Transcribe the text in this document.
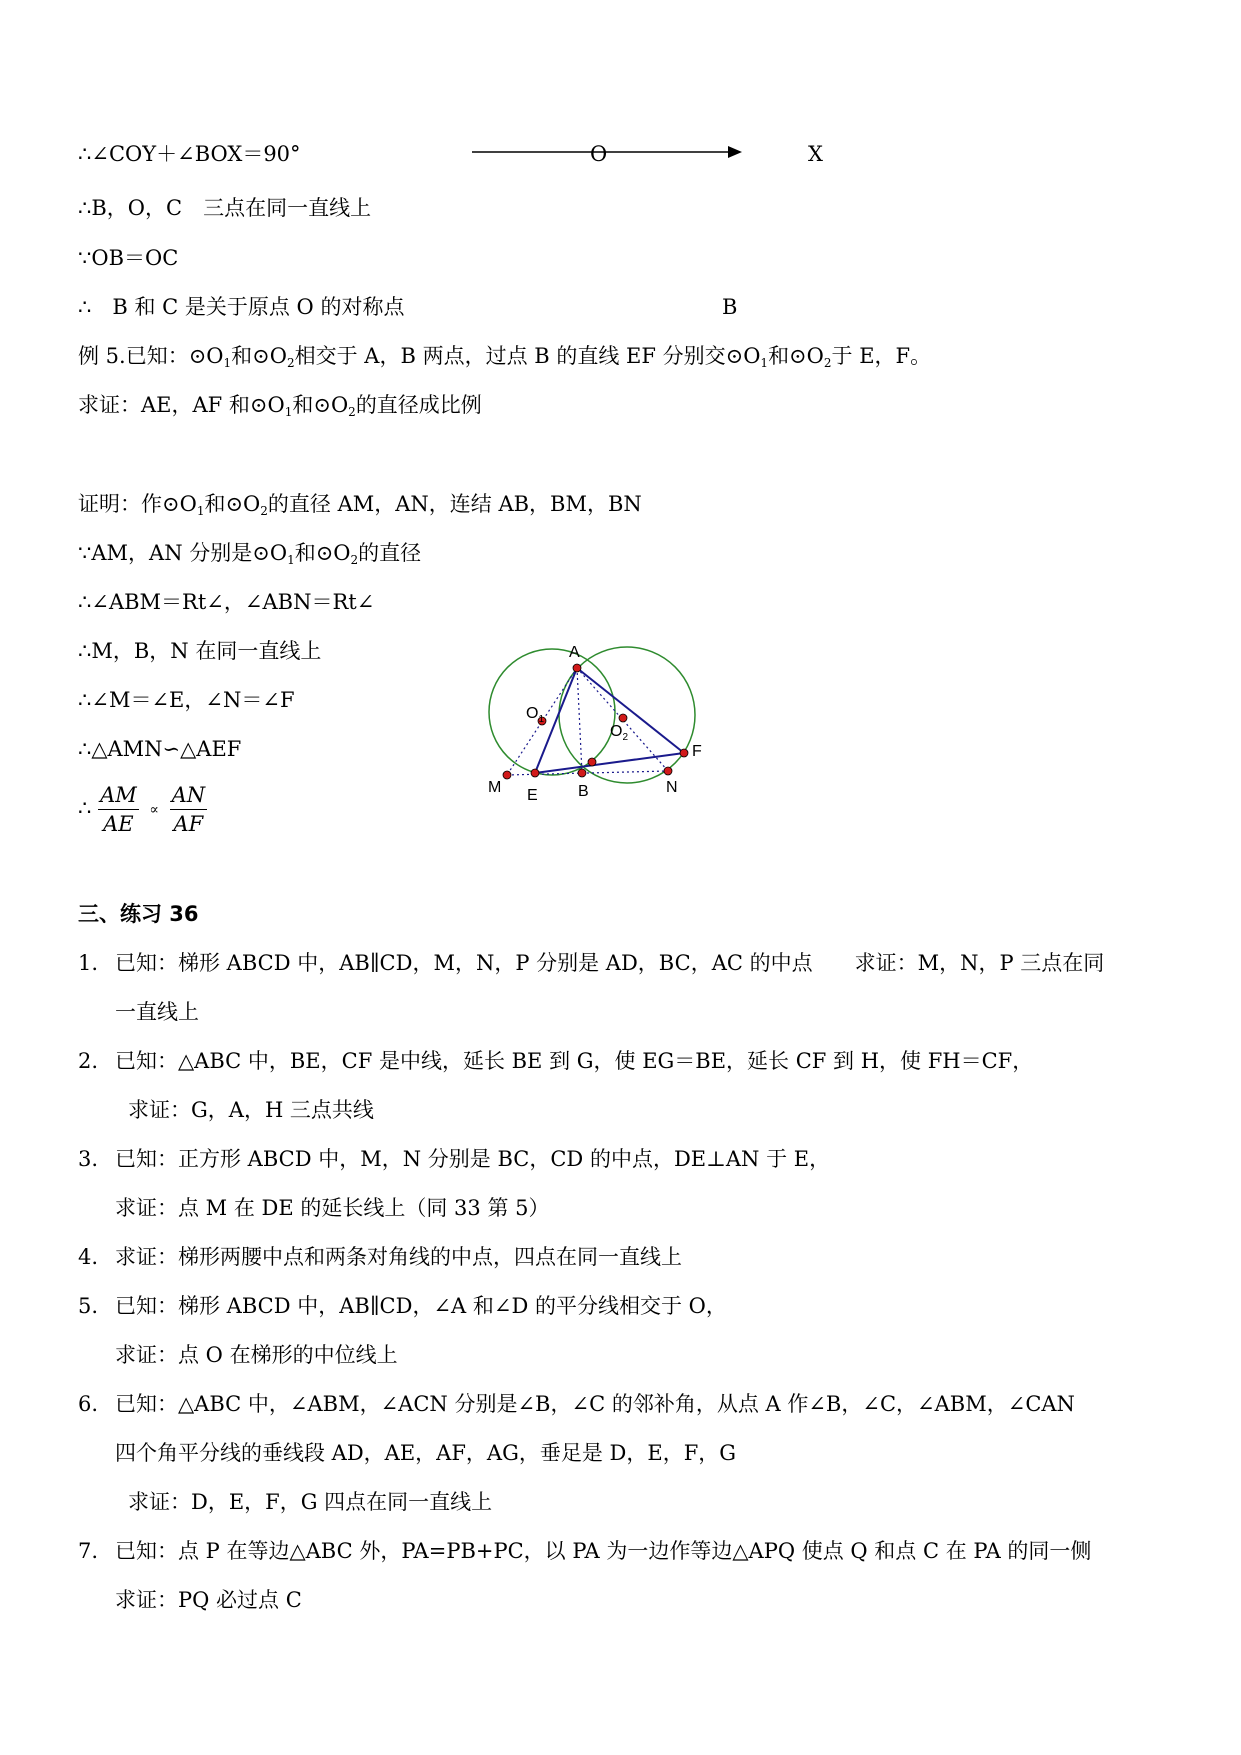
∴∠COY＋∠BOX＝90°	O	X
∴B，O，C　三点在同一直线上
∵OB＝OC
∴　B 和 C 是关于原点 O 的对称点	B
例 5.已知：$⊙O_1$和$⊙O_2$相交于 A，B 两点，过点 B 的直线 EF 分别交$⊙O_1$和$⊙O_2$于 E，F。
求证：AE，AF 和$⊙O_1$和$⊙O_2$的直径成比例
证明：作$⊙O_1$和$⊙O_2$的直径 AM，AN，连结 AB，BM，BN
∵AM，AN 分别是$⊙O_1$和$⊙O_2$的直径
∴∠ABM＝Rt∠，∠ABN＝Rt∠
∴M，B，N 在同一直线上
∴∠M＝∠E，∠N＝∠F
∴△AMN∽△AEF
∴ $\frac{AM}{AE} \propto \frac{AN}{AF}$
A
$O_1$
$O_2$
F
M E	B	N
三、练习 36
1. 已知：梯形 ABCD 中，AB∥CD，M，N，P 分别是 AD，BC，AC 的中点　　求证：M，N，P 三点在同
一直线上
2. 已知：△ABC 中，BE，CF 是中线，延长 BE 到 G，使 EG＝BE，延长 CF 到 H，使 FH＝CF，
求证：G，A，H 三点共线
3. 已知：正方形 ABCD 中，M，N 分别是 BC，CD 的中点，DE⊥AN 于 E，
求证：点 M 在 DE 的延长线上（同 33 第 5）
4. 求证：梯形两腰中点和两条对角线的中点，四点在同一直线上
5. 已知：梯形 ABCD 中，AB∥CD，∠A 和∠D 的平分线相交于 O，
求证：点 O 在梯形的中位线上
6. 已知：△ABC 中，∠ABM，∠ACN 分别是∠B，∠C 的邻补角，从点 A 作∠B，∠C，∠ABM，∠CAN
四个角平分线的垂线段 AD，AE，AF，AG，垂足是 D，E，F，G
求证：D，E，F，G 四点在同一直线上
7. 已知：点 P 在等边△ABC 外，PA=PB+PC，以 PA 为一边作等边△APQ 使点 Q 和点 C 在 PA 的同一侧
求证：PQ 必过点 C
